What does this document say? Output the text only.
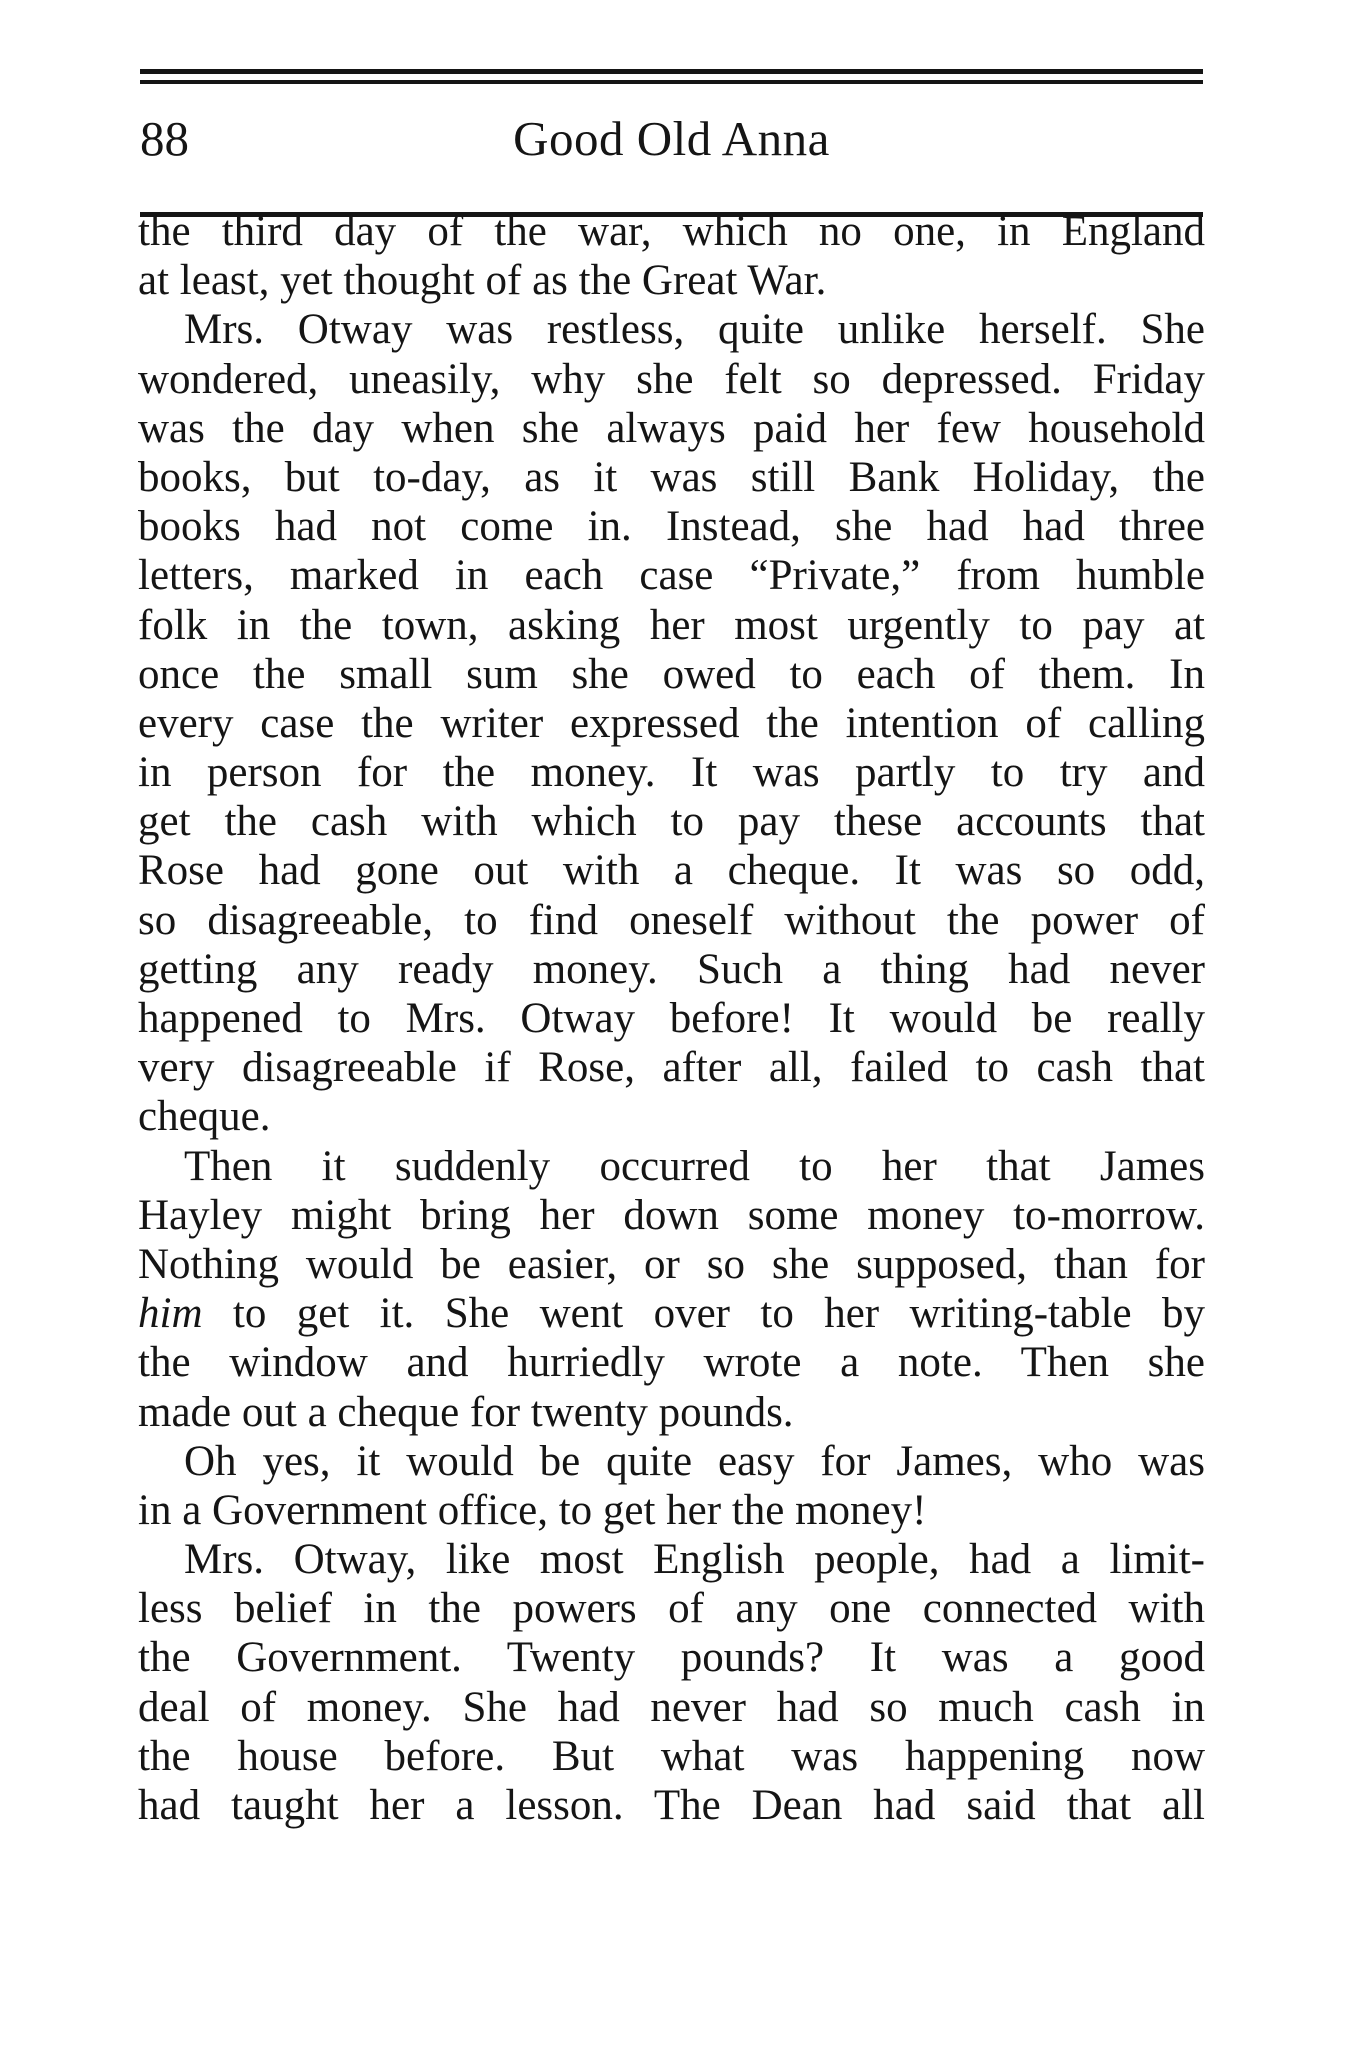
88	Good Old Anna
the third day of the war, which no one, in England
at least, yet thought of as the Great War.
Mrs. Otway was restless, quite unlike herself. She
wondered, uneasily, why she felt so depressed. Friday
was the day when she always paid her few household
books, but to-day, as it was still Bank Holiday, the
books had not come in. Instead, she had had three
letters, marked in each case “Private,” from humble
folk in the town, asking her most urgently to pay at
once the small sum she owed to each of them. In
every case the writer expressed the intention of calling
in person for the money. It was partly to try and
get the cash with which to pay these accounts that
Rose had gone out with a cheque. It was so odd,
so disagreeable, to find oneself without the power of
getting any ready money. Such a thing had never
happened to Mrs. Otway before! It would be really
very disagreeable if Rose, after all, failed to cash that
cheque.
Then it suddenly occurred to her that James
Hayley might bring her down some money to-morrow.
Nothing would be easier, or so she supposed, than for
him to get it. She went over to her writing-table by
the window and hurriedly wrote a note. Then she
made out a cheque for twenty pounds.
Oh yes, it would be quite easy for James, who was
in a Government office, to get her the money!
Mrs. Otway, like most English people, had a limit-
less belief in the powers of any one connected with
the Government. Twenty pounds? It was a good
deal of money. She had never had so much cash in
the house before. But what was happening now
had taught her a lesson. The Dean had said that all
